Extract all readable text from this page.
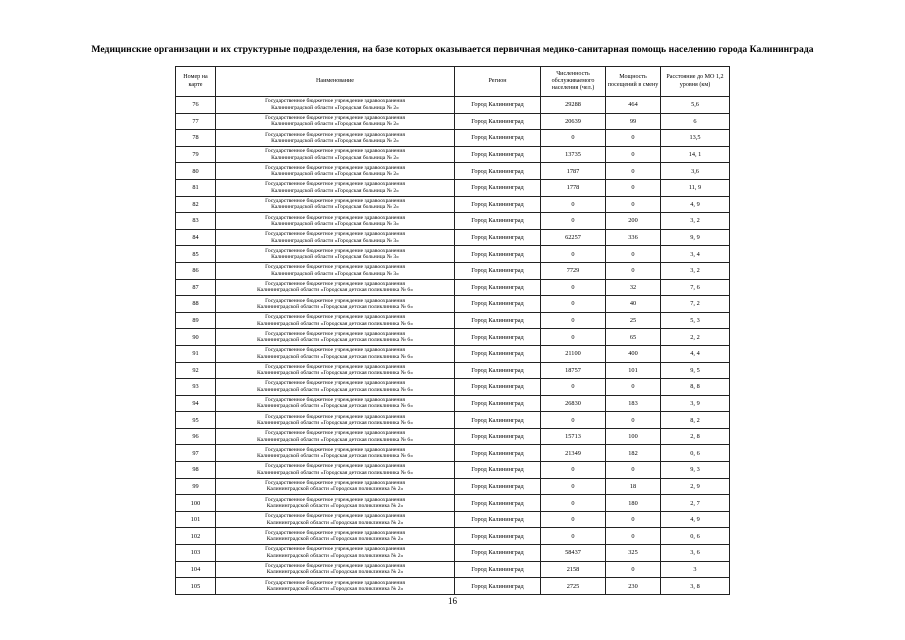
Медицинские организации и их структурные подразделения, на базе которых оказывается первичная медико-санитарная помощь населению города Калининграда
Номер на карте	Наименование	Регион	Численность обслуживаемого населения (чел.)	Мощность посещений в смену	Расстояние до МО 1,2 уровня (км)
76	Государственное бюджетное учреждение здравоохранения
Калининградской области «Городская больница № 2»	Город Калининград	29288	464	5,6
77	Государственное бюджетное учреждение здравоохранения
Калининградской области «Городская больница № 2»	Город Калининград	20639	99	6
78	Государственное бюджетное учреждение здравоохранения
Калининградской области «Городская больница № 2»	Город Калининград	0	0	13,5
79	Государственное бюджетное учреждение здравоохранения
Калининградской области «Городская больница № 2»	Город Калининград	13735	0	14, 1
80	Государственное бюджетное учреждение здравоохранения
Калининградской области «Городская больница № 2»	Город Калининград	1787	0	3,6
81	Государственное бюджетное учреждение здравоохранения
Калининградской области «Городская больница № 2»	Город Калининград	1778	0	11, 9
82	Государственное бюджетное учреждение здравоохранения
Калининградской области «Городская больница № 2»	Город Калининград	0	0	4, 9
83	Государственное бюджетное учреждение здравоохранения
Калининградской области «Городская больница № 3»	Город Калининград	0	200	3, 2
84	Государственное бюджетное учреждение здравоохранения
Калининградской области «Городская больница № 3»	Город Калининград	62257	336	9, 9
85	Государственное бюджетное учреждение здравоохранения
Калининградской области «Городская больница № 3»	Город Калининград	0	0	3, 4
86	Государственное бюджетное учреждение здравоохранения
Калининградской области «Городская больница № 3»	Город Калининград	7729	0	3, 2
87	Государственное бюджетное учреждение здравоохранения
Калининградской области «Городская детская поликлиника № 6»	Город Калининград	0	32	7, 6
88	Государственное бюджетное учреждение здравоохранения
Калининградской области «Городская детская поликлиника № 6»	Город Калининград	0	40	7, 2
89	Государственное бюджетное учреждение здравоохранения
Калининградской области «Городская детская поликлиника № 6»	Город Калининград	0	25	5, 3
90	Государственное бюджетное учреждение здравоохранения
Калининградской области «Городская детская поликлиника № 6»	Город Калининград	0	65	2, 2
91	Государственное бюджетное учреждение здравоохранения
Калининградской области «Городская детская поликлиника № 6»	Город Калининград	21100	400	4, 4
92	Государственное бюджетное учреждение здравоохранения
Калининградской области «Городская детская поликлиника № 6»	Город Калининград	18757	101	9, 5
93	Государственное бюджетное учреждение здравоохранения
Калининградской области «Городская детская поликлиника № 6»	Город Калининград	0	0	8, 8
94	Государственное бюджетное учреждение здравоохранения
Калининградской области «Городская детская поликлиника № 6»	Город Калининград	26830	183	3, 9
95	Государственное бюджетное учреждение здравоохранения
Калининградской области «Городская детская поликлиника № 6»	Город Калининград	0	0	8, 2
96	Государственное бюджетное учреждение здравоохранения
Калининградской области «Городская детская поликлиника № 6»	Город Калининград	15713	100	2, 8
97	Государственное бюджетное учреждение здравоохранения
Калининградской области «Городская детская поликлиника № 6»	Город Калининград	21349	182	0, 6
98	Государственное бюджетное учреждение здравоохранения
Калининградской области «Городская детская поликлиника № 6»	Город Калининград	0	0	9, 3
99	Государственное бюджетное учреждение здравоохранения
Калининградской области «Городская поликлиника № 2»	Город Калининград	0	18	2, 9
100	Государственное бюджетное учреждение здравоохранения
Калининградской области «Городская поликлиника № 2»	Город Калининград	0	180	2, 7
101	Государственное бюджетное учреждение здравоохранения
Калининградской области «Городская поликлиника № 2»	Город Калининград	0	0	4, 9
102	Государственное бюджетное учреждение здравоохранения
Калининградской области «Городская поликлиника № 2»	Город Калининград	0	0	0, 6
103	Государственное бюджетное учреждение здравоохранения
Калининградской области «Городская поликлиника № 2»	Город Калининград	58437	325	3, 6
104	Государственное бюджетное учреждение здравоохранения
Калининградской области «Городская поликлиника № 2»	Город Калининград	2158	0	3
105	Государственное бюджетное учреждение здравоохранения
Калининградской области «Городская поликлиника № 2»	Город Калининград	2725	230	3, 8
16
